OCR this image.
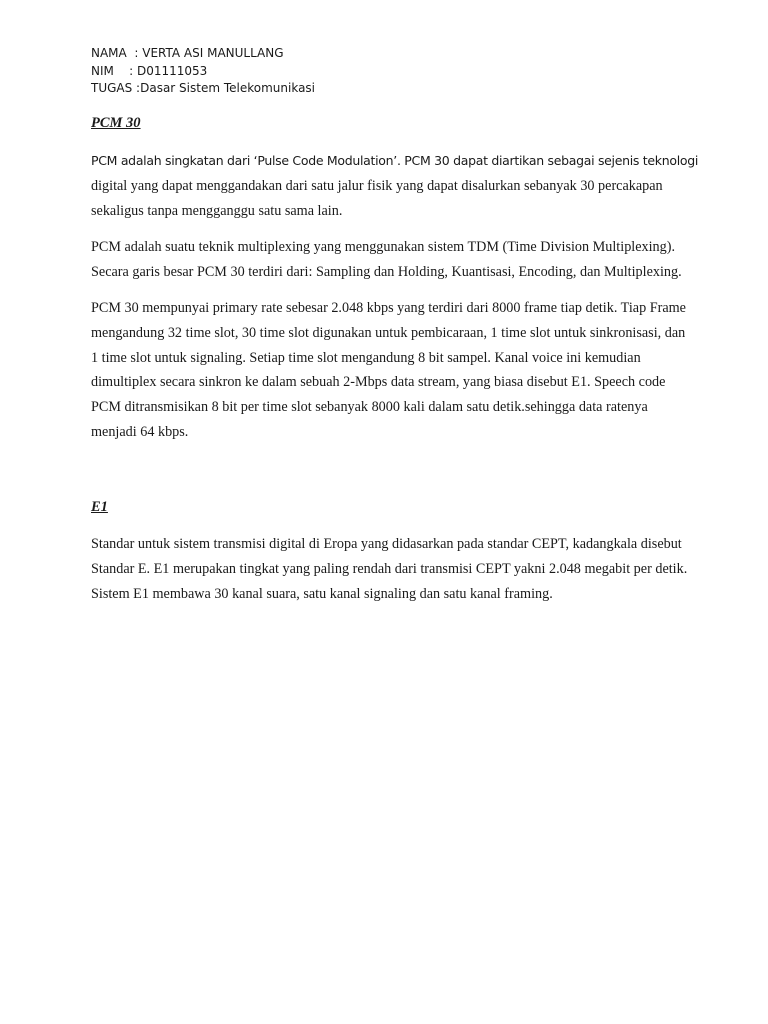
NAMA  : VERTA ASI MANULLANG
NIM    : D01111053
TUGAS :Dasar Sistem Telekomunikasi

PCM 30

PCM adalah singkatan dari ‘Pulse Code Modulation’. PCM 30 dapat diartikan sebagai sejenis teknologi
digital yang dapat menggandakan dari satu jalur fisik yang dapat disalurkan sebanyak 30 percakapan
sekaligus tanpa mengganggu satu sama lain.
PCM adalah suatu teknik multiplexing yang menggunakan sistem TDM (Time Division Multiplexing).
Secara garis besar PCM 30 terdiri dari: Sampling dan Holding, Kuantisasi, Encoding, dan Multiplexing.
PCM 30 mempunyai primary rate sebesar 2.048 kbps yang terdiri dari 8000 frame tiap detik. Tiap Frame
mengandung 32 time slot, 30 time slot digunakan untuk pembicaraan, 1 time slot untuk sinkronisasi, dan
1 time slot untuk signaling. Setiap time slot mengandung 8 bit sampel. Kanal voice ini kemudian
dimultiplex secara sinkron ke dalam sebuah 2-Mbps data stream, yang biasa disebut E1. Speech code
PCM ditransmisikan 8 bit per time slot sebanyak 8000 kali dalam satu detik.sehingga data ratenya
menjadi 64 kbps.

E1

Standar untuk sistem transmisi digital di Eropa yang didasarkan pada standar CEPT, kadangkala disebut
Standar E. E1 merupakan tingkat yang paling rendah dari transmisi CEPT yakni 2.048 megabit per detik.
Sistem E1 membawa 30 kanal suara, satu kanal signaling dan satu kanal framing.
